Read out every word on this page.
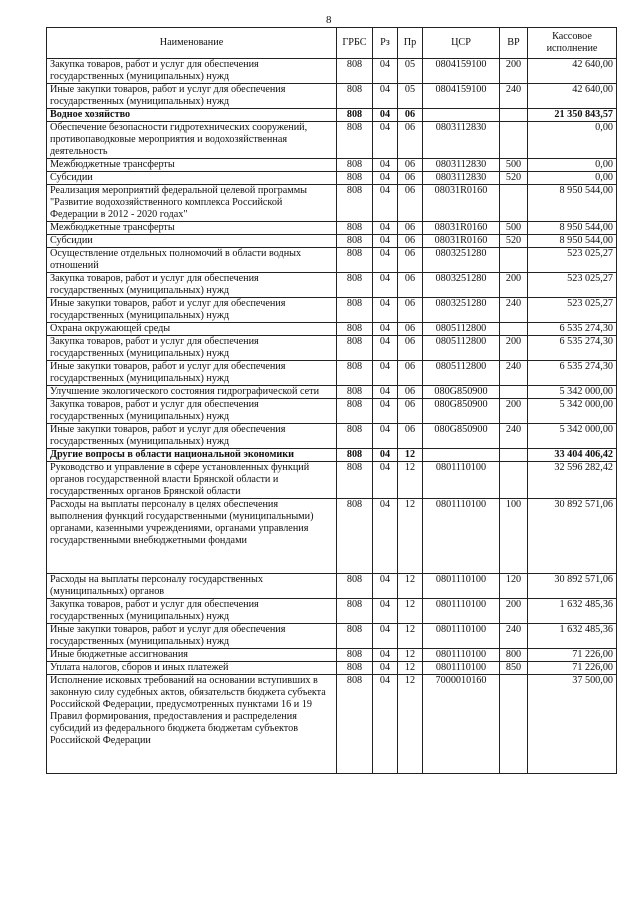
8
Наименование	ГРБС	Рз	Пр	ЦСР	ВР	Кассовое исполнение
Закупка товаров, работ и услуг для обеспечения государственных (муниципальных) нужд	808	04	05	0804159100	200	42 640,00
Иные закупки товаров, работ и услуг для обеспечения государственных (муниципальных) нужд	808	04	05	0804159100	240	42 640,00
Водное хозяйство	808	04	06			21 350 843,57
Обеспечение безопасности гидротехнических сооружений, противопаводковые мероприятия и водохозяйственная деятельность	808	04	06	0803112830		0,00
Межбюджетные трансферты	808	04	06	0803112830	500	0,00
Субсидии	808	04	06	0803112830	520	0,00
Реализация мероприятий федеральной целевой программы "Развитие водохозяйственного комплекса Российской Федерации в 2012 - 2020 годах"	808	04	06	08031R0160		8 950 544,00
Межбюджетные трансферты	808	04	06	08031R0160	500	8 950 544,00
Субсидии	808	04	06	08031R0160	520	8 950 544,00
Осуществление отдельных полномочий в области водных отношений	808	04	06	0803251280		523 025,27
Закупка товаров, работ и услуг для обеспечения государственных (муниципальных) нужд	808	04	06	0803251280	200	523 025,27
Иные закупки товаров, работ и услуг для обеспечения государственных (муниципальных) нужд	808	04	06	0803251280	240	523 025,27
Охрана окружающей среды	808	04	06	0805112800		6 535 274,30
Закупка товаров, работ и услуг для обеспечения государственных (муниципальных) нужд	808	04	06	0805112800	200	6 535 274,30
Иные закупки товаров, работ и услуг для обеспечения государственных (муниципальных) нужд	808	04	06	0805112800	240	6 535 274,30
Улучшение экологического состояния гидрографической сети	808	04	06	080G850900		5 342 000,00
Закупка товаров, работ и услуг для обеспечения государственных (муниципальных) нужд	808	04	06	080G850900	200	5 342 000,00
Иные закупки товаров, работ и услуг для обеспечения государственных (муниципальных) нужд	808	04	06	080G850900	240	5 342 000,00
Другие вопросы в области национальной экономики	808	04	12			33 404 406,42
Руководство и управление в сфере установленных функций органов государственной власти Брянской области и государственных органов Брянской области	808	04	12	0801110100		32 596 282,42
Расходы на выплаты персоналу в целях обеспечения выполнения функций государственными (муниципальными) органами, казенными учреждениями, органами управления государственными внебюджетными фондами	808	04	12	0801110100	100	30 892 571,06
Расходы на выплаты персоналу государственных (муниципальных) органов	808	04	12	0801110100	120	30 892 571,06
Закупка товаров, работ и услуг для обеспечения государственных (муниципальных) нужд	808	04	12	0801110100	200	1 632 485,36
Иные закупки товаров, работ и услуг для обеспечения государственных (муниципальных) нужд	808	04	12	0801110100	240	1 632 485,36
Иные бюджетные ассигнования	808	04	12	0801110100	800	71 226,00
Уплата налогов, сборов и иных платежей	808	04	12	0801110100	850	71 226,00
Исполнение исковых требований на основании вступивших в законную силу судебных актов, обязательств бюджета субъекта Российской Федерации, предусмотренных пунктами 16 и 19 Правил формирования, предоставления и распределения субсидий из федерального бюджета бюджетам субъектов Российской Федерации	808	04	12	7000010160		37 500,00
